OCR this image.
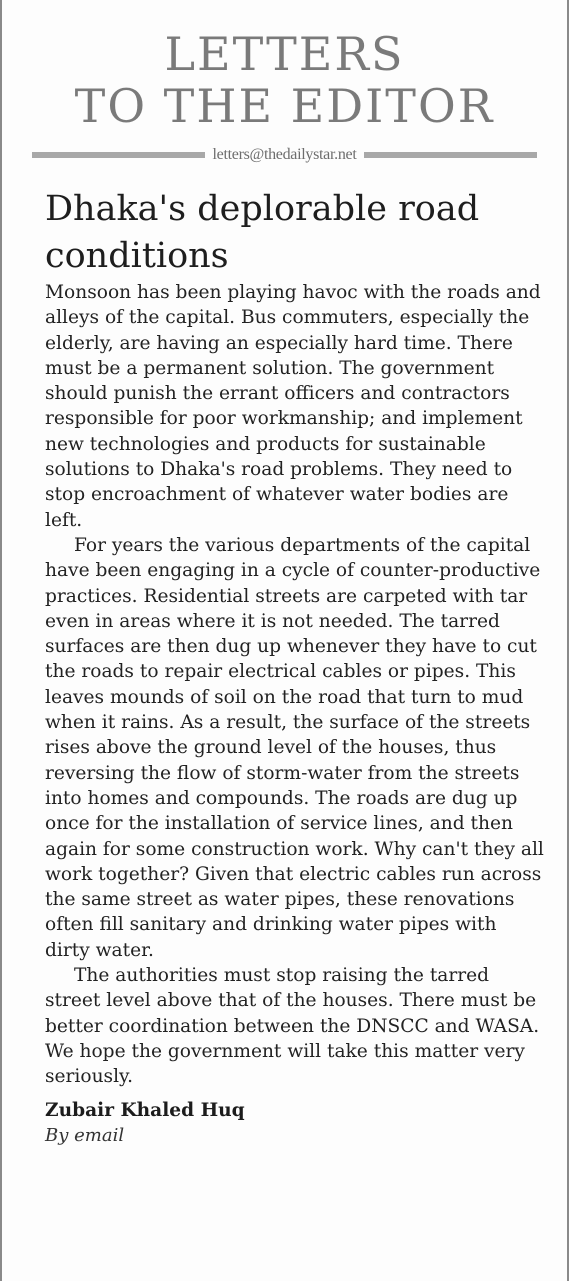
LETTERS
TO THE EDITOR
letters@thedailystar.net
Dhaka's deplorable road
conditions

Monsoon has been playing havoc with the roads and alleys of the capital. Bus commuters, especially the elderly, are having an especially hard time. There must be a permanent solution. The government should punish the errant officers and contractors responsible for poor workmanship; and implement new technologies and products for sustainable solutions to Dhaka's road problems. They need to stop encroachment of whatever water bodies are left.

For years the various departments of the capital have been engaging in a cycle of counter-productive practices. Residential streets are carpeted with tar even in areas where it is not needed. The tarred surfaces are then dug up whenever they have to cut the roads to repair electrical cables or pipes. This leaves mounds of soil on the road that turn to mud when it rains. As a result, the surface of the streets rises above the ground level of the houses, thus reversing the flow of storm-water from the streets into homes and compounds. The roads are dug up once for the installation of service lines, and then again for some construction work. Why can't they all work together? Given that electric cables run across the same street as water pipes, these renovations often fill sanitary and drinking water pipes with dirty water.

The authorities must stop raising the tarred street level above that of the houses. There must be better coordination between the DNSCC and WASA. We hope the government will take this matter very seriously.

Zubair Khaled Huq
By email
